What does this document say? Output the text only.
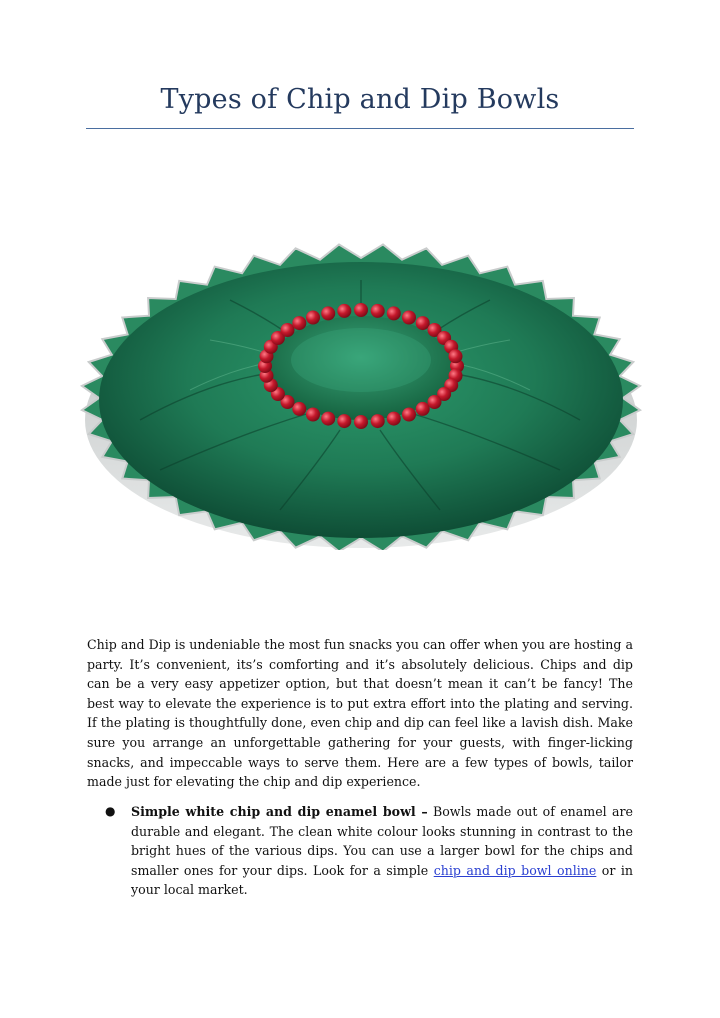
Types of Chip and Dip Bowls

Chip and Dip is undeniable the most fun snacks you can offer when you are hosting a party. It’s convenient, its’s comforting and it’s absolutely delicious. Chips and dip can be a very easy appetizer option, but that doesn’t mean it can’t be fancy! The best way to elevate the experience is to put extra effort into the plating and serving. If the plating is thoughtfully done, even chip and dip can feel like a lavish dish. Make sure you arrange an unforgettable gathering for your guests, with finger-licking snacks, and impeccable ways to serve them. Here are a few types of bowls, tailor made just for elevating the chip and dip experience.

● Simple white chip and dip enamel bowl – Bowls made out of enamel are durable and elegant. The clean white colour looks stunning in contrast to the bright hues of the various dips. You can use a larger bowl for the chips and smaller ones for your dips. Look for a simple chip and dip bowl online or in your local market.
